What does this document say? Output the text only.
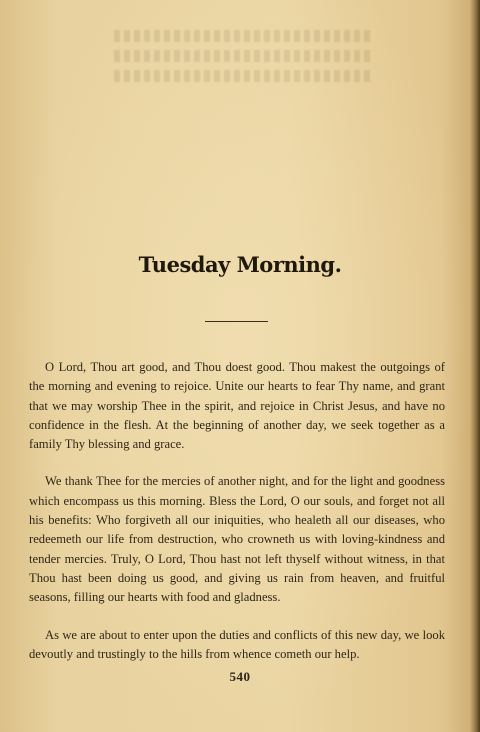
Tuesday Morning.

O Lord, Thou art good, and Thou doest good. Thou makest the outgoings of the morning and evening to rejoice. Unite our hearts to fear Thy name, and grant that we may worship Thee in the spirit, and rejoice in Christ Jesus, and have no confidence in the flesh. At the beginning of another day, we seek together as a family Thy blessing and grace.

We thank Thee for the mercies of another night, and for the light and goodness which encompass us this morning. Bless the Lord, O our souls, and forget not all his benefits: Who forgiveth all our iniquities, who healeth all our diseases, who redeemeth our life from destruction, who crowneth us with loving-kindness and tender mercies. Truly, O Lord, Thou hast not left thyself without witness, in that Thou hast been doing us good, and giving us rain from heaven, and fruitful seasons, filling our hearts with food and gladness.

As we are about to enter upon the duties and conflicts of this new day, we look devoutly and trustingly to the hills from whence cometh our help.

540
